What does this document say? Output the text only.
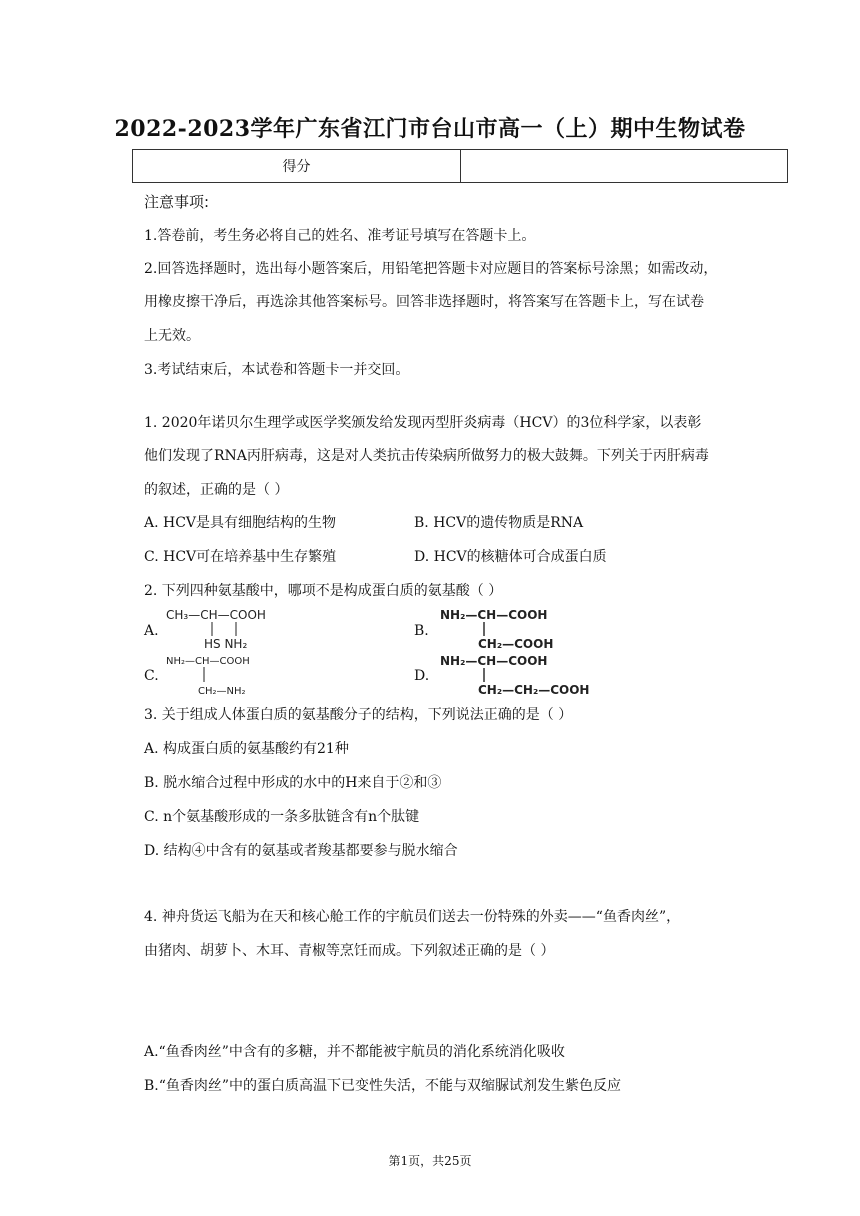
2022-2023学年广东省江门市台山市高一（上）期中生物试卷
得分
注意事项:
1.答卷前，考生务必将自己的姓名、准考证号填写在答题卡上。
2.回答选择题时，选出每小题答案后，用铅笔把答题卡对应题目的答案标号涂黑；如需改动，
用橡皮擦干净后，再选涂其他答案标号。回答非选择题时，将答案写在答题卡上，写在试卷
上无效。
3.考试结束后，本试卷和答题卡一并交回。
1. 2020年诺贝尔生理学或医学奖颁发给发现丙型肝炎病毒（HCV）的3位科学家，以表彰
他们发现了RNA丙肝病毒，这是对人类抗击传染病所做努力的极大鼓舞。下列关于丙肝病毒
的叙述，正确的是（ ）
A. HCV是具有细胞结构的生物	B. HCV的遗传物质是RNA
C. HCV可在培养基中生存繁殖	D. HCV的核糖体可合成蛋白质
2. 下列四种氨基酸中，哪项不是构成蛋白质的氨基酸（ ）
A.
CH₃—CH—COOH
HS NH₂
B.
NH₂—CH—COOH
CH₂—COOH
C.
NH₂—CH—COOH
CH₂—NH₂
D.
NH₂—CH—COOH
CH₂—CH₂—COOH
3. 关于组成人体蛋白质的氨基酸分子的结构，下列说法正确的是（ ）
A. 构成蛋白质的氨基酸约有21种
B. 脱水缩合过程中形成的水中的H来自于②和③
C. n个氨基酸形成的一条多肽链含有n个肽键
D. 结构④中含有的氨基或者羧基都要参与脱水缩合
4. 神舟货运飞船为在天和核心舱工作的宇航员们送去一份特殊的外卖——“鱼香肉丝”，
由猪肉、胡萝卜、木耳、青椒等烹饪而成。下列叙述正确的是（ ）
A.“鱼香肉丝”中含有的多糖，并不都能被宇航员的消化系统消化吸收
B.“鱼香肉丝”中的蛋白质高温下已变性失活，不能与双缩脲试剂发生紫色反应
第1页，共25页
